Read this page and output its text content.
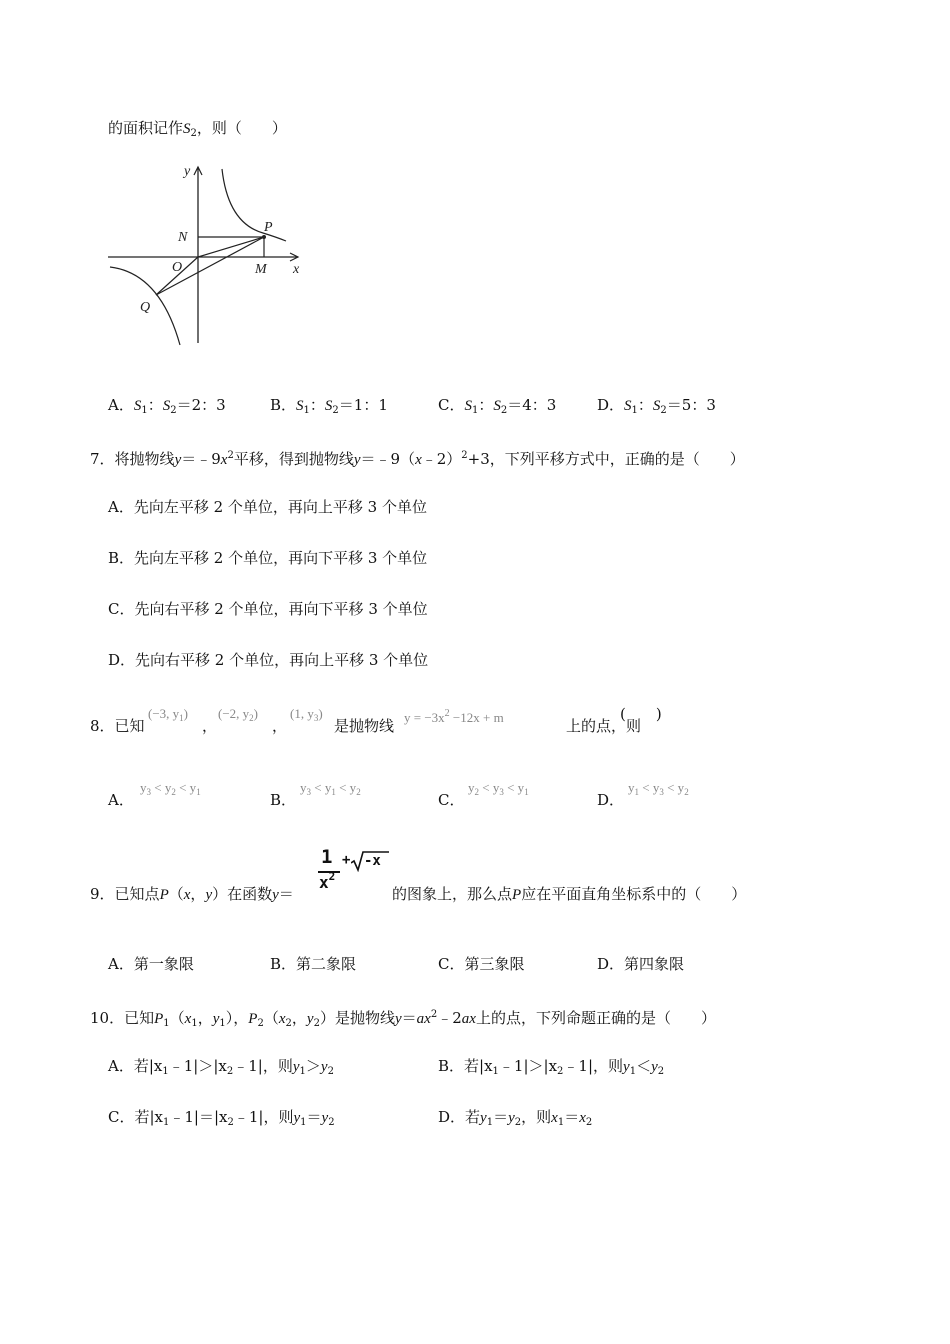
的面积记作$S_2$，则（　　）
y
x
N
P
O	M
Q
A．$S_1$：$S_2=2$：3	B．$S_1$：$S_2=1$：1	C．$S_1$：$S_2=4$：3	D．$S_1$：$S_2=5$：3
7．将抛物线$y=﹣9x^2$平移，得到抛物线y＝﹣9（x﹣2）$^2$+3，下列平移方式中，正确的是（　　）
A．先向左平移 2 个单位，再向上平移 3 个单位
B．先向左平移 2 个单位，再向下平移 3 个单位
C．先向右平移 2 个单位，再向下平移 3 个单位
D．先向右平移 2 个单位，再向上平移 3 个单位
8．已知
(−3, $y_1$)
，
(−2, $y_2$)
，
(1, $y_3$)
是抛物线 $y = -3x^2 -12x + m$	上的点，则
(　　)
A．
$y_3 < y_2 < y_1$	B．
$y_3 < y_1 < y_2$	C．
$y_2 < y_3 < y_1$	D．
$y_1 < y_3 < y_2$
9．已知点P（x，y）在函数y＝
1
$x^2$
+ -x
的图象上，那么点P应在平面直角坐标系中的（　　）
A．第一象限	B．第二象限	C．第三象限	D．第四象限
10．已知$P_1(x_1$，$y_1$），$P_2(x_2$，$y_2$）是抛物线$y=ax^2﹣2ax$上的点，下列命题正确的是（　　）
A．若$|x_1﹣1|>|x_2﹣1|$，则$y_1>y_2$	B．若$|x_1﹣1|>|x_2﹣1|$，则$y_1<y_2$
C．若$|x_1﹣1|=|x_2﹣1|$，则$y_1=y_2$	D．若$y_1=y_2$，则$x_1=x_2$
